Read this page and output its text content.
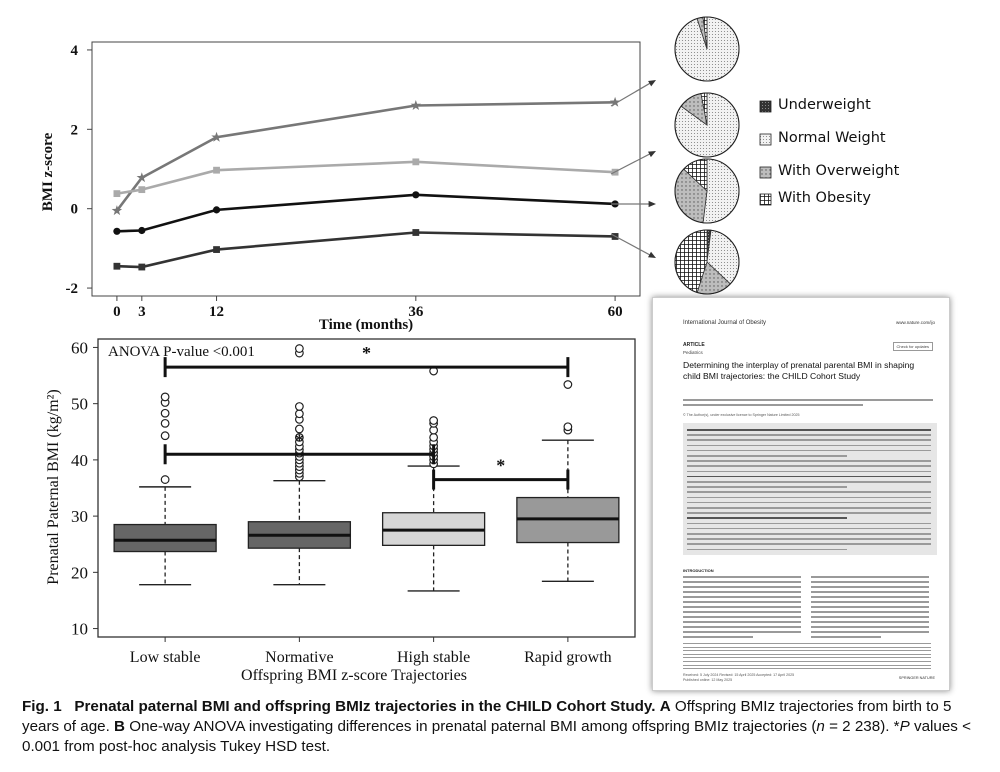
0 3	12	36	60
-2
0
2
4
Time (months)
BMI z-score
Underweight
Normal Weight
With Overweight
With Obesity
ANOVA P-value <0.001
10
20
30
40
50
60
Low stable	Normative	High stable	Rapid growth
*
*
*
Offspring BMI z-score Trajectories
Prenatal Paternal BMI (kg/m²)
International Journal of Obesity	www.nature.com/ijo
ARTICLE
Pediatrics
Check for updates
Determining the interplay of prenatal parental BMI in shaping child BMI trajectories: the CHILD Cohort Study
© The Author(s), under exclusive licence to Springer Nature Limited 2025
INTRODUCTION
Received: 5 July 2024 Revised: 15 April 2025 Accepted: 17 April 2025
Published online: 12 May 2025	SPRINGER NATURE
Fig. 1 Prenatal paternal BMI and offspring BMIz trajectories in the CHILD Cohort Study. A Offspring BMIz trajectories from birth to 5 years of age. B One-way ANOVA investigating differences in prenatal paternal BMI among offspring BMIz trajectories (n = 2 238). *P values < 0.001 from post-hoc analysis Tukey HSD test.
